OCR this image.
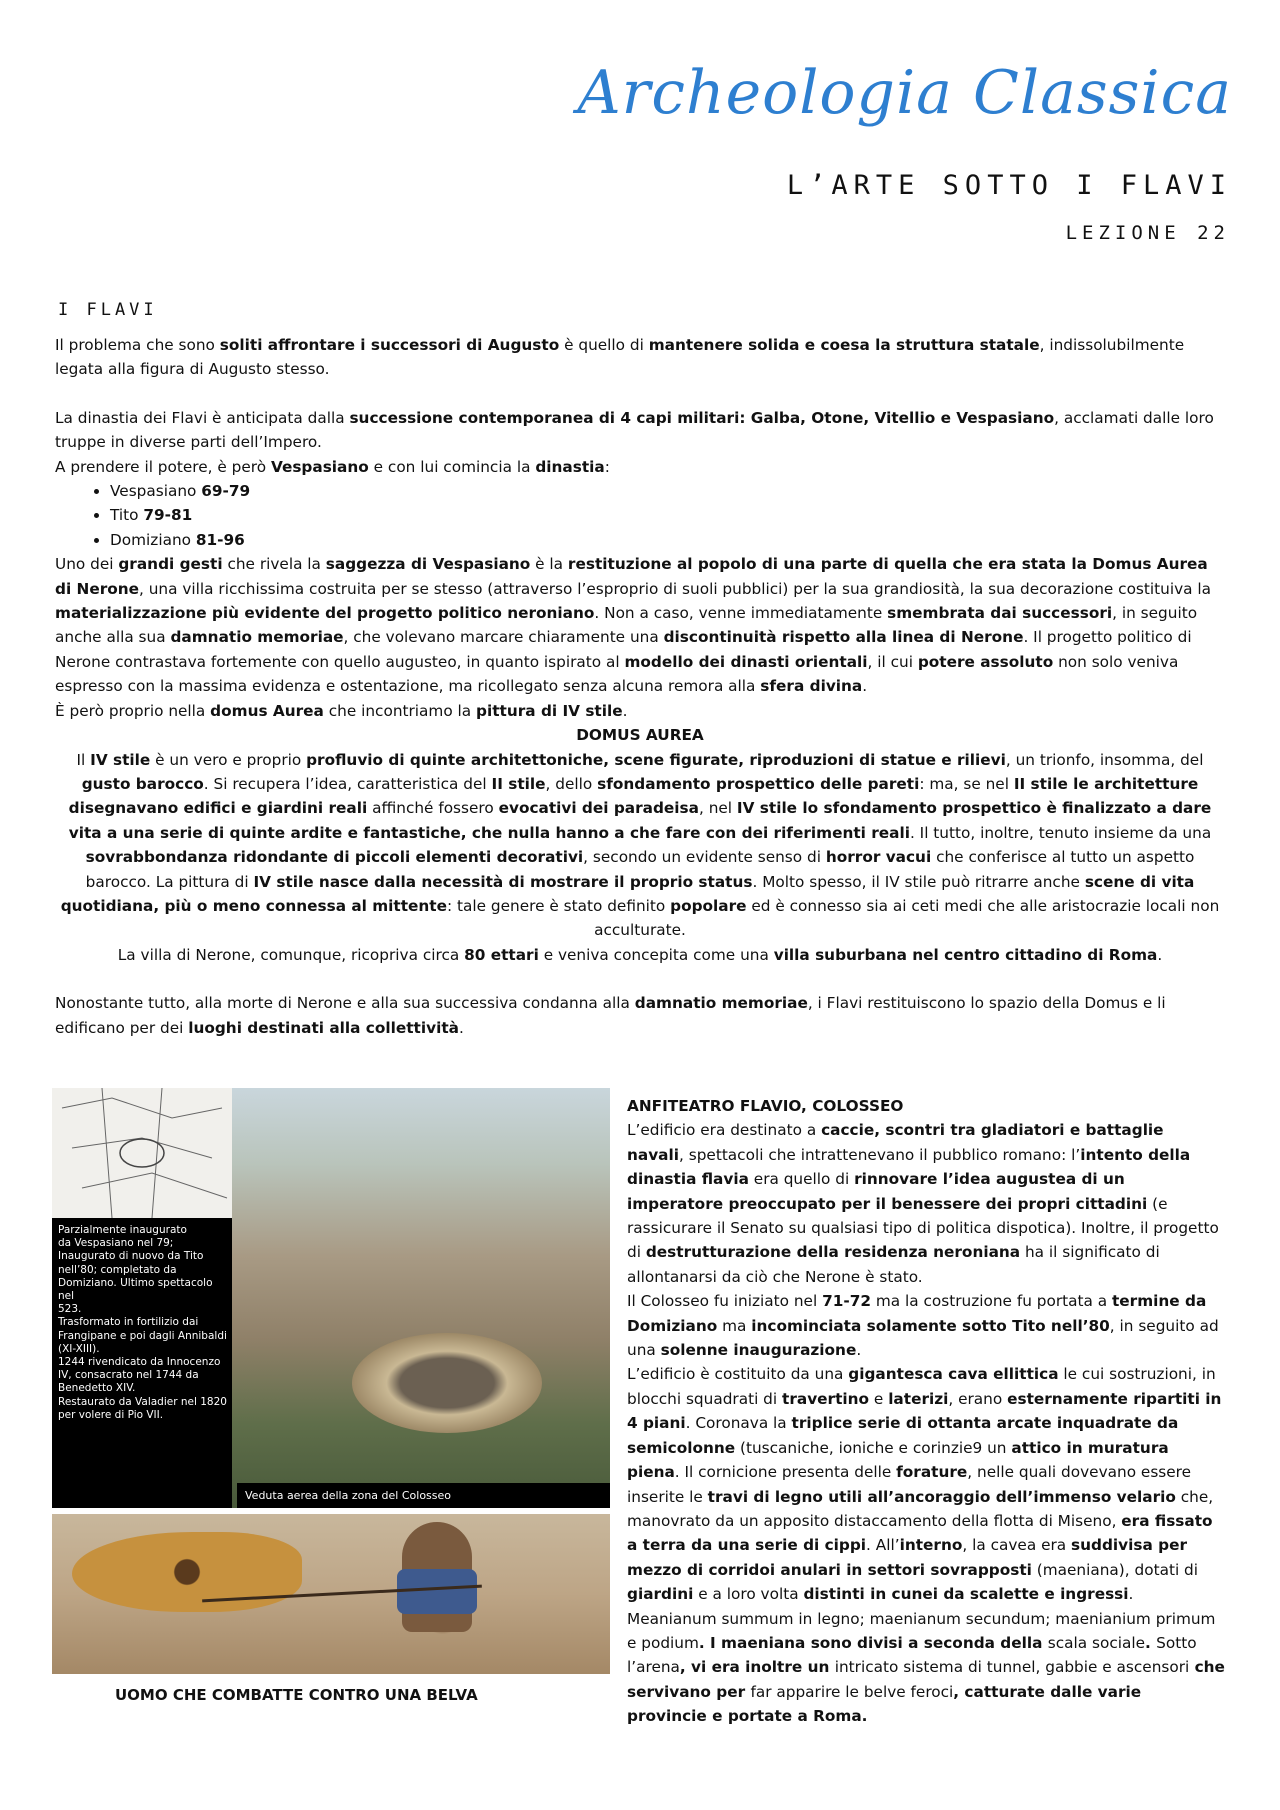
Archeologia Classica
L’ARTE SOTTO I FLAVI
LEZIONE 22
I FLAVI

Il problema che sono soliti affrontare i successori di Augusto è quello di mantenere solida e coesa la struttura statale, indissolubilmente legata alla figura di Augusto stesso.

La dinastia dei Flavi è anticipata dalla successione contemporanea di 4 capi militari: Galba, Otone, Vitellio e Vespasiano, acclamati dalle loro truppe in diverse parti dell’Impero.

A prendere il potere, è però Vespasiano e con lui comincia la dinastia:

• Vespasiano 69-79
• Tito 79-81
• Domiziano 81-96

Uno dei grandi gesti che rivela la saggezza di Vespasiano è la restituzione al popolo di una parte di quella che era stata la Domus Aurea di Nerone, una villa ricchissima costruita per se stesso (attraverso l’esproprio di suoli pubblici) per la sua grandiosità, la sua decorazione costituiva la materializzazione più evidente del progetto politico neroniano. Non a caso, venne immediatamente smembrata dai successori, in seguito anche alla sua damnatio memoriae, che volevano marcare chiaramente una discontinuità rispetto alla linea di Nerone. Il progetto politico di Nerone contrastava fortemente con quello augusteo, in quanto ispirato al modello dei dinasti orientali, il cui potere assoluto non solo veniva espresso con la massima evidenza e ostentazione, ma ricollegato senza alcuna remora alla sfera divina.

È però proprio nella domus Aurea che incontriamo la pittura di IV stile.

DOMUS AUREA

Il IV stile è un vero e proprio profluvio di quinte architettoniche, scene figurate, riproduzioni di statue e rilievi, un trionfo, insomma, del gusto barocco. Si recupera l’idea, caratteristica del II stile, dello sfondamento prospettico delle pareti: ma, se nel II stile le architetture disegnavano edifici e giardini reali affinché fossero evocativi dei paradeisa, nel IV stile lo sfondamento prospettico è finalizzato a dare vita a una serie di quinte ardite e fantastiche, che nulla hanno a che fare con dei riferimenti reali. Il tutto, inoltre, tenuto insieme da una sovrabbondanza ridondante di piccoli elementi decorativi, secondo un evidente senso di horror vacui che conferisce al tutto un aspetto barocco. La pittura di IV stile nasce dalla necessità di mostrare il proprio status. Molto spesso, il IV stile può ritrarre anche scene di vita quotidiana, più o meno connessa al mittente: tale genere è stato definito popolare ed è connesso sia ai ceti medi che alle aristocrazie locali non acculturate.

La villa di Nerone, comunque, ricopriva circa 80 ettari e veniva concepita come una villa suburbana nel centro cittadino di Roma.

Nonostante tutto, alla morte di Nerone e alla sua successiva condanna alla damnatio memoriae, i Flavi restituiscono lo spazio della Domus e li edificano per dei luoghi destinati alla collettività.

Parzialmente inaugurato
da Vespasiano nel 79;
Inaugurato di nuovo da Tito
nell’80; completato da
Domiziano. Ultimo spettacolo nel
523.
Trasformato in fortilizio dai
Frangipane e poi dagli Annibaldi
(XI-XIII).
1244 rivendicato da Innocenzo
IV, consacrato nel 1744 da
Benedetto XIV.
Restaurato da Valadier nel 1820
per volere di Pio VII.
Veduta aerea della zona del Colosseo
UOMO CHE COMBATTE CONTRO UNA BELVA

ANFITEATRO FLAVIO, COLOSSEO

L’edificio era destinato a caccie, scontri tra gladiatori e battaglie navali, spettacoli che intrattenevano il pubblico romano: l’intento della dinastia flavia era quello di rinnovare l’idea augustea di un imperatore preoccupato per il benessere dei propri cittadini (e rassicurare il Senato su qualsiasi tipo di politica dispotica). Inoltre, il progetto di destrutturazione della residenza neroniana ha il significato di allontanarsi da ciò che Nerone è stato.

Il Colosseo fu iniziato nel 71-72 ma la costruzione fu portata a termine da Domiziano ma incominciata solamente sotto Tito nell’80, in seguito ad una solenne inaugurazione.

L’edificio è costituito da una gigantesca cava ellittica le cui sostruzioni, in blocchi squadrati di travertino e laterizi, erano esternamente ripartiti in 4 piani. Coronava la triplice serie di ottanta arcate inquadrate da semicolonne (tuscaniche, ioniche e corinzie9 un attico in muratura piena. Il cornicione presenta delle forature, nelle quali dovevano essere inserite le travi di legno utili all’ancoraggio dell’immenso velario che, manovrato da un apposito distaccamento della flotta di Miseno, era fissato a terra da una serie di cippi. All’interno, la cavea era suddivisa per mezzo di corridoi anulari in settori sovrapposti (maeniana), dotati di giardini e a loro volta distinti in cunei da scalette e ingressi.

Meanianum summum in legno; maenianum secundum; maenianium primum e podium. I maeniana sono divisi a seconda della scala sociale. Sotto l’arena, vi era inoltre un intricato sistema di tunnel, gabbie e ascensori che servivano per far apparire le belve feroci, catturate dalle varie provincie e portate a Roma.
